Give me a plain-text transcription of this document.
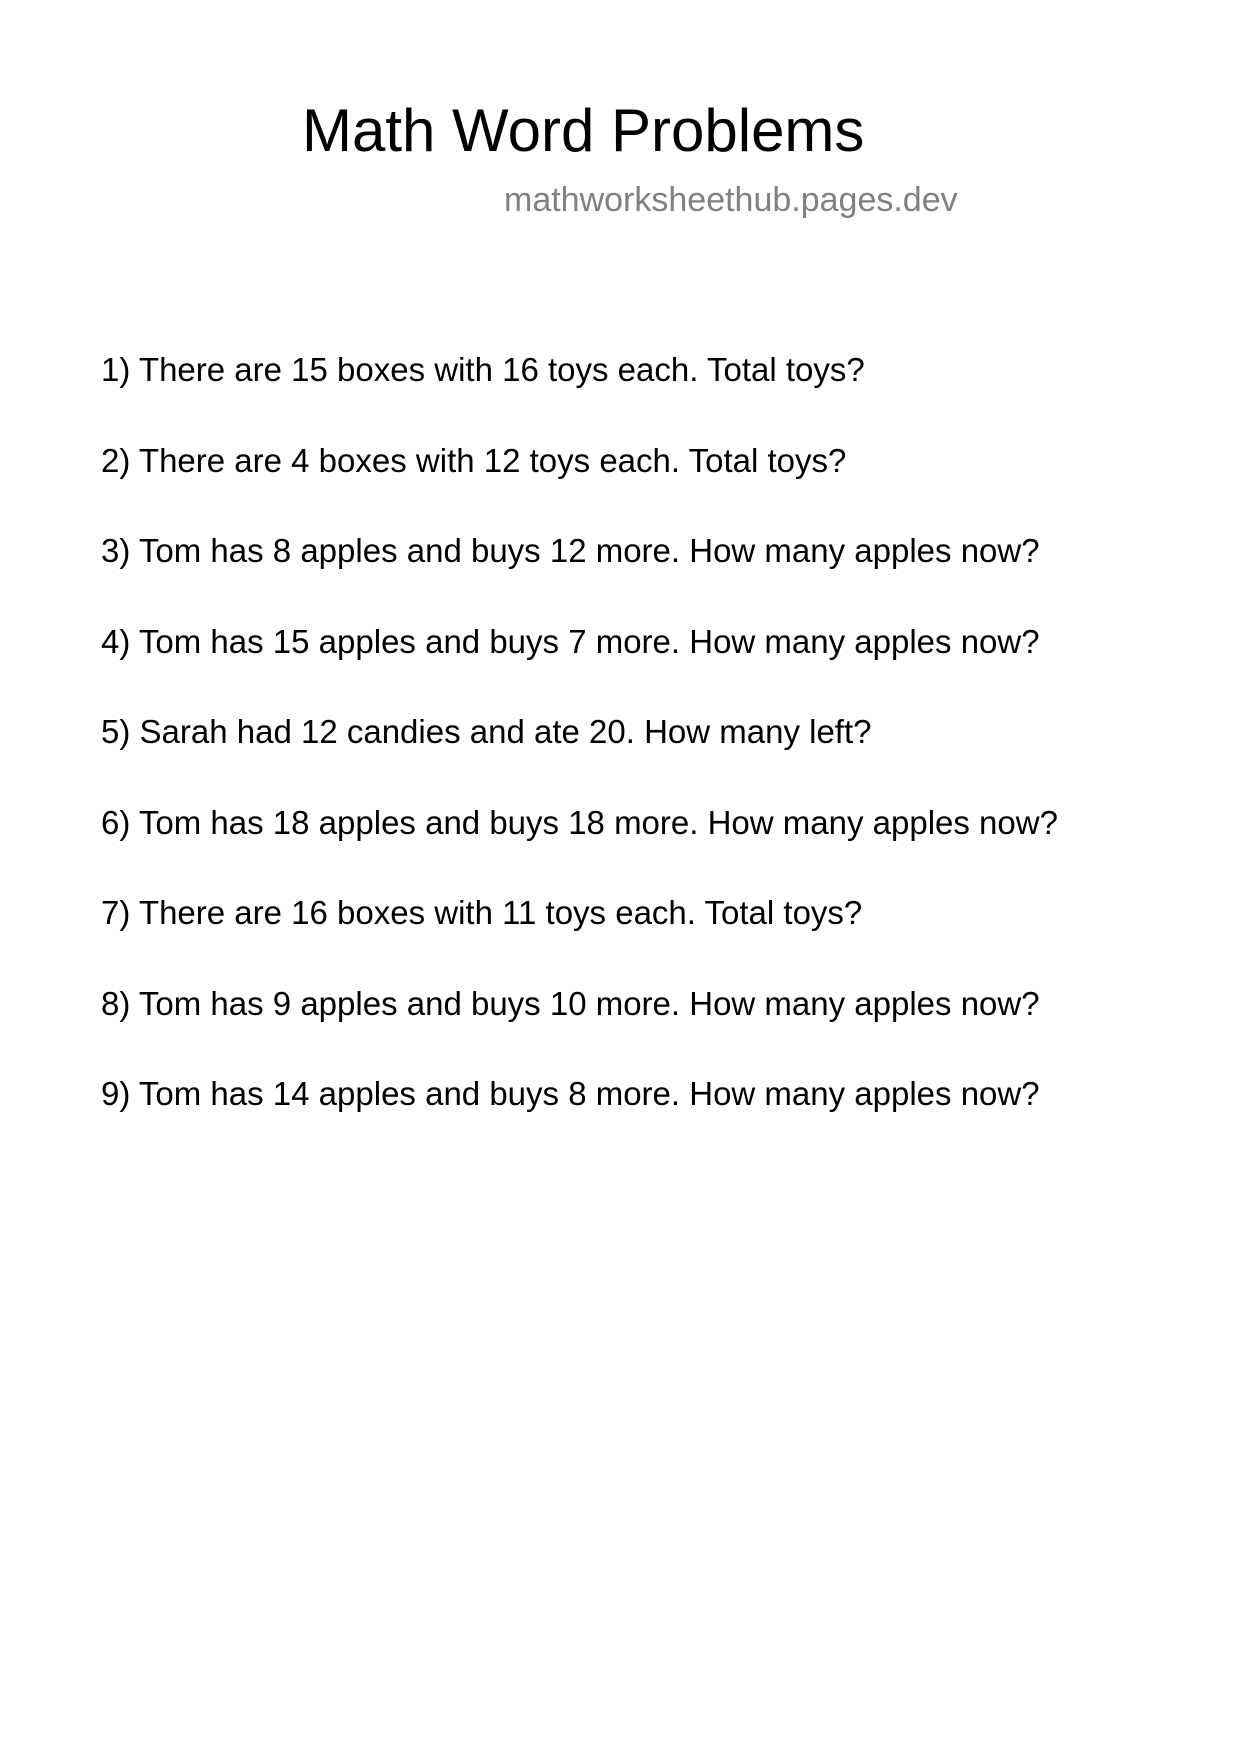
Math Word Problems
mathworksheethub.pages.dev
1) There are 15 boxes with 16 toys each. Total toys?
2) There are 4 boxes with 12 toys each. Total toys?
3) Tom has 8 apples and buys 12 more. How many apples now?
4) Tom has 15 apples and buys 7 more. How many apples now?
5) Sarah had 12 candies and ate 20. How many left?
6) Tom has 18 apples and buys 18 more. How many apples now?
7) There are 16 boxes with 11 toys each. Total toys?
8) Tom has 9 apples and buys 10 more. How many apples now?
9) Tom has 14 apples and buys 8 more. How many apples now?
